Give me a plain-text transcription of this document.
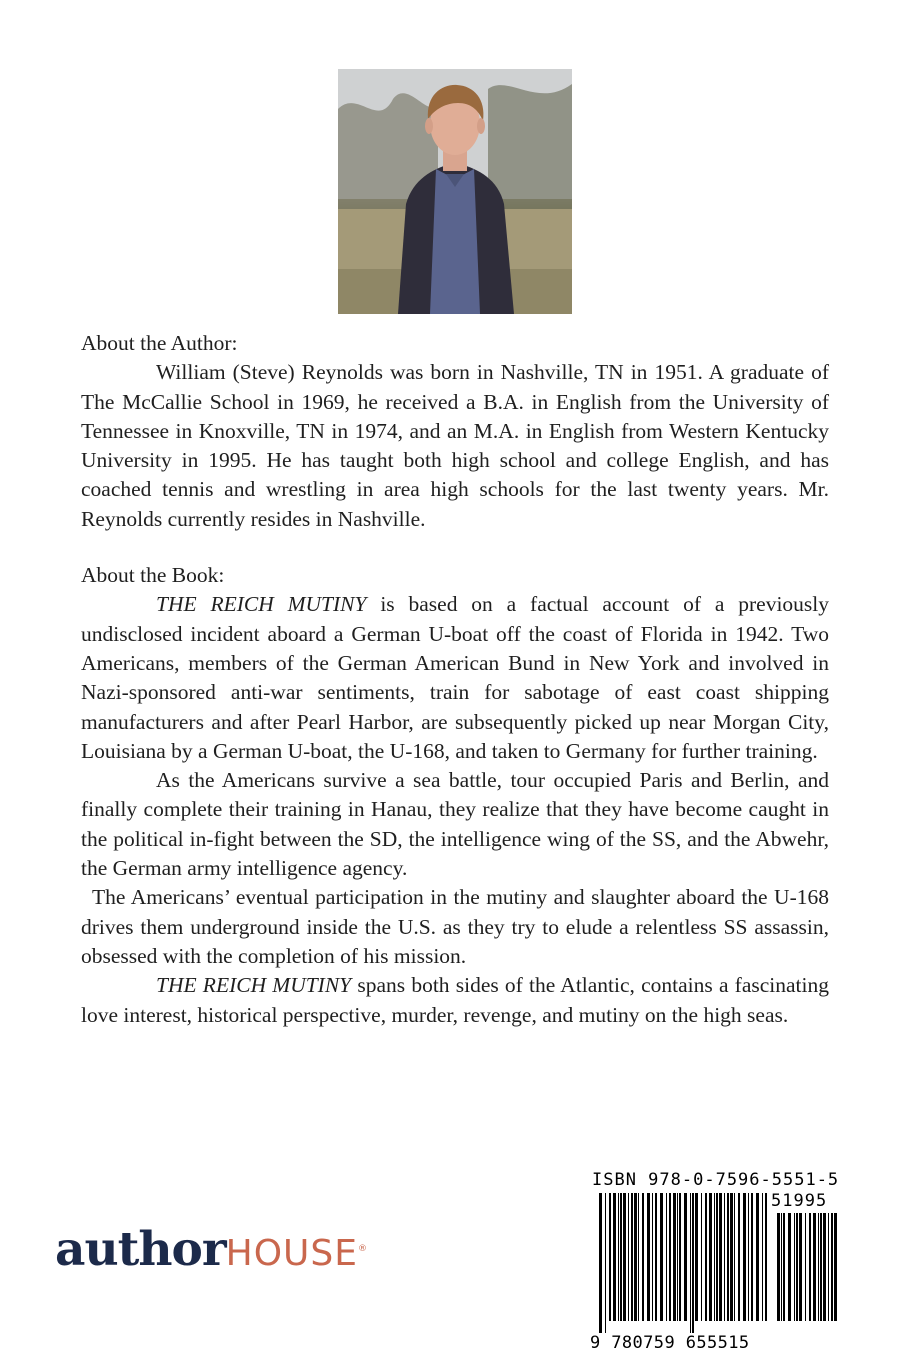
About the Author:

William (Steve) Reynolds was born in Nashville, TN in 1951. A graduate of The McCallie School in 1969, he received a B.A. in English from the University of Tennessee in Knoxville, TN in 1974, and an M.A. in English from Western Kentucky University in 1995. He has taught both high school and college English, and has coached tennis and wrestling in area high schools for the last twenty years. Mr. Reynolds currently resides in Nashville.

About the Book:

THE REICH MUTINY is based on a factual account of a previously undisclosed incident aboard a German U-boat off the coast of Florida in 1942. Two Americans, members of the German American Bund in New York and involved in Nazi-sponsored anti-war sentiments, train for sabotage of east coast shipping manufacturers and after Pearl Harbor, are subsequently picked up near Morgan City, Louisiana by a German U-boat, the U-168, and taken to Germany for further training.

As the Americans survive a sea battle, tour occupied Paris and Berlin, and finally complete their training in Hanau, they realize that they have become caught in the political in-fight between the SD, the intelligence wing of the SS, and the Abwehr, the German army intelligence agency.

The Americans’ eventual participation in the mutiny and slaughter aboard the U-168 drives them underground inside the U.S. as they try to elude a relentless SS assassin, obsessed with the completion of his mission.

THE REICH MUTINY spans both sides of the Atlantic, contains a fascinating love interest, historical perspective, murder, revenge, and mutiny on the high seas.

authorHOUSE®
ISBN 978-0-7596-5551-5
51995
9 780759 655515
